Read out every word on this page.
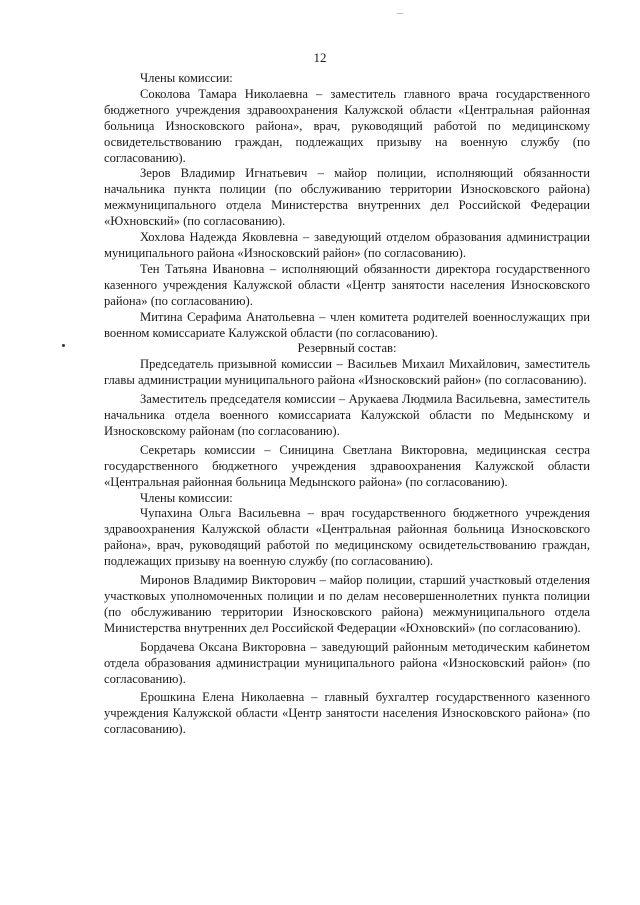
12

Члены комиссии:

Соколова Тамара Николаевна – заместитель главного врача государственного бюджетного учреждения здравоохранения Калужской области «Центральная районная больница Износковского района», врач, руководящий работой по медицинскому освидетельствованию граждан, подлежащих призыву на военную службу (по согласованию).

Зеров Владимир Игнатьевич – майор полиции, исполняющий обязанности начальника пункта полиции (по обслуживанию территории Износковского района) межмуниципального отдела Министерства внутренних дел Российской Федерации «Юхновский» (по согласованию).

Хохлова Надежда Яковлевна – заведующий отделом образования администрации муниципального района «Износковский район» (по согласованию).

Тен Татьяна Ивановна – исполняющий обязанности директора государственного казенного учреждения Калужской области «Центр занятости населения Износковского района» (по согласованию).

Митина Серафима Анатольевна – член комитета родителей военнослужащих при военном комиссариате Калужской области (по согласованию).

Резервный состав:

Председатель призывной комиссии – Васильев Михаил Михайлович, заместитель главы администрации муниципального района «Износковский район» (по согласованию).

Заместитель председателя комиссии – Арукаева Людмила Васильевна, заместитель начальника отдела военного комиссариата Калужской области по Медынскому и Износковскому районам (по согласованию).

Секретарь комиссии – Синицина Светлана Викторовна, медицинская сестра государственного бюджетного учреждения здравоохранения Калужской области «Центральная районная больница Медынского района» (по согласованию).

Члены комиссии:

Чупахина Ольга Васильевна – врач государственного бюджетного учреждения здравоохранения Калужской области «Центральная районная больница Износковского района», врач, руководящий работой по медицинскому освидетельствованию граждан, подлежащих призыву на военную службу (по согласованию).

Миронов Владимир Викторович – майор полиции, старший участковый отделения участковых уполномоченных полиции и по делам несовершеннолетних пункта полиции (по обслуживанию территории Износковского района) межмуниципального отдела Министерства внутренних дел Российской Федерации «Юхновский» (по согласованию).

Бордачева Оксана Викторовна – заведующий районным методическим кабинетом отдела образования администрации муниципального района «Износковский район» (по согласованию).

Ерошкина Елена Николаевна – главный бухгалтер государственного казенного учреждения Калужской области «Центр занятости населения Износковского района» (по согласованию).
